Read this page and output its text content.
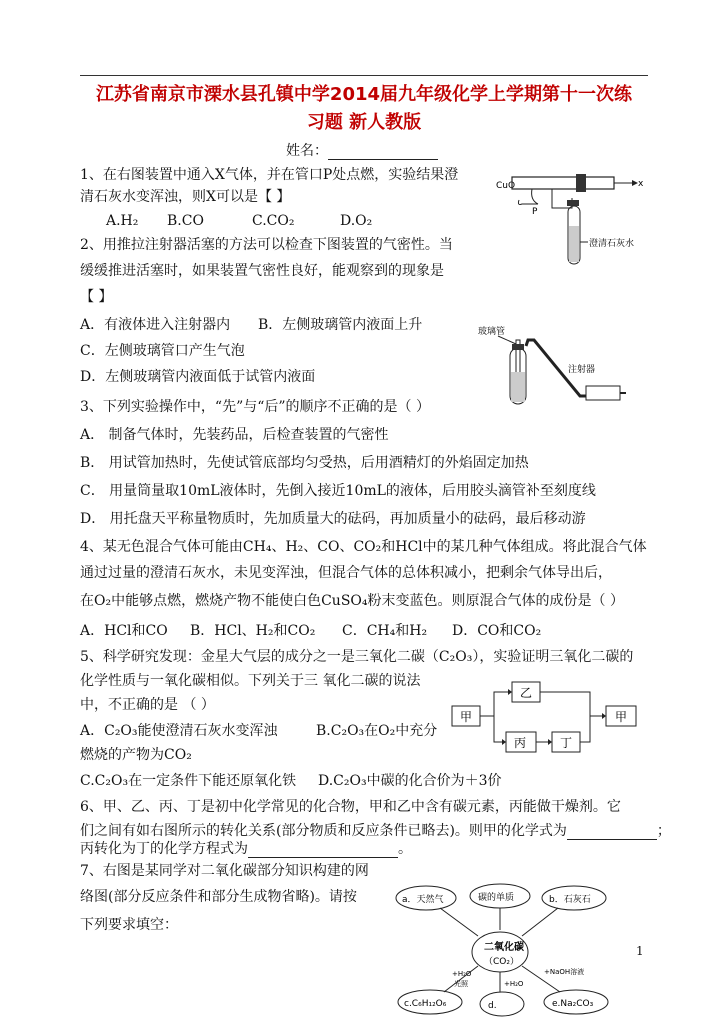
江苏省南京市溧水县孔镇中学2014届九年级化学上学期第十一次练
习题 新人教版
姓名：
1、在右图装置中通入X气体，并在管口P处点燃，实验结果澄
清石灰水变浑浊，则X可以是【 】
A.H₂ B.CO	C.CO₂	D.O₂
CuO	x
P
澄清石灰水
2、用推拉注射器活塞的方法可以检查下图装置的气密性。当
缓缓推进活塞时，如果装置气密性良好，能观察到的现象是
【 】
A．有液体进入注射器内 B．左侧玻璃管内液面上升
C．左侧玻璃管口产生气泡
D．左侧玻璃管内液面低于试管内液面
玻璃管
注射器
3、下列实验操作中，“先”与“后”的顺序不正确的是（ ）
A． 制备气体时，先装药品，后检查装置的气密性
B． 用试管加热时，先使试管底部均匀受热，后用酒精灯的外焰固定加热
C． 用量筒量取10mL液体时，先倒入接近10mL的液体，后用胶头滴管补至刻度线
D． 用托盘天平称量物质时，先加质量大的砝码，再加质量小的砝码，最后移动游
4、某无色混合气体可能由CH₄、H₂、CO、CO₂和HCl中的某几种气体组成。将此混合气体
通过过量的澄清石灰水，未见变浑浊，但混合气体的总体积减小，把剩余气体导出后，
在O₂中能够点燃，燃烧产物不能使白色CuSO₄粉末变蓝色。则原混合气体的成份是（ ）
A．HCl和CO B．HCl、H₂和CO₂ C．CH₄和H₂ D．CO和CO₂
5、科学研究发现：金星大气层的成分之一是三氧化二碳（C₂O₃），实验证明三氧化二碳的
化学性质与一氧化碳相似。下列关于三 氧化二碳的说法
中，不正确的是 （ ）
A．C₂O₃能使澄清石灰水变浑浊	B.C₂O₃在O₂中充分
燃烧的产物为CO₂
C.C₂O₃在一定条件下能还原氧化铁 D.C₂O₃中碳的化合价为＋3价
甲
乙
丙	丁
甲
6、甲、乙、丙、丁是初中化学常见的化合物，甲和乙中含有碳元素，丙能做干燥剂。它
们之间有如右图所示的转化关系(部分物质和反应条件已略去)。则甲的化学式为	；
丙转化为丁的化学方程式为	。
7、右图是某同学对二氧化碳部分知识构建的网
络图(部分反应条件和部分生成物省略)。请按
下列要求填空：
a．天然气	碳的单质	b．石灰石
二氧化碳
（CO₂）
c.C₆H₁₂O₆	d.	e.Na₂CO₃
+H₂O
光照	+H₂O
+NaOH溶液
1
